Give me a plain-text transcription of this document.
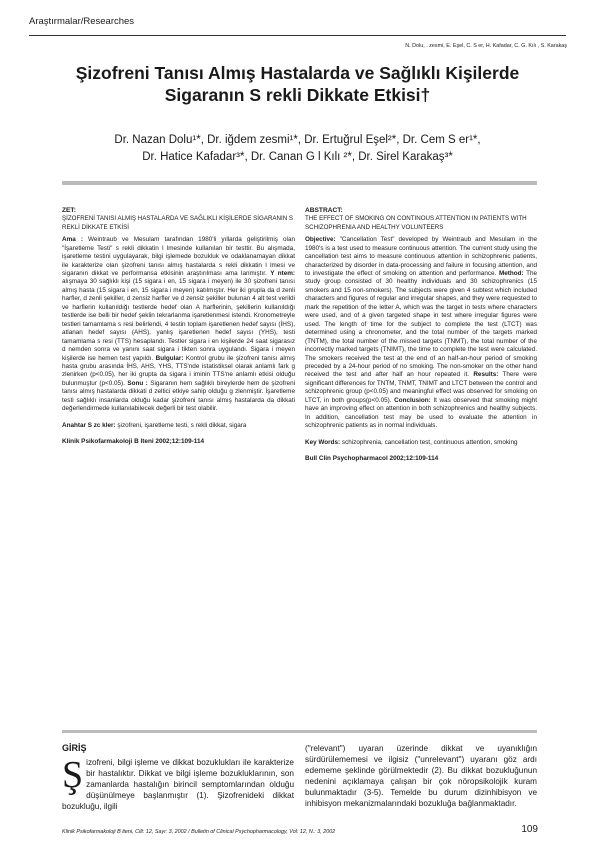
Araştırmalar/Researches
N. Dolu, . zesmi, E. Eşel, C. S er, H. Kafadar, C. G. Kılı , S. Karakaş
Şizofreni Tanısı Almış Hastalarda ve Sağlıklı Kişilerde
Sigaranın S rekli Dikkate Etkisi†
Dr. Nazan Dolu¹*, Dr. iğdem zesmi¹*, Dr. Ertuğrul Eşel²*, Dr. Cem S er¹*,
Dr. Hatice Kafadar³*, Dr. Canan G l Kılı ²*, Dr. Sirel Karakaş³*
ZET:
ŞİZOFRENİ TANISI ALMIŞ HASTALARDA VE SAĞLIKLI KİŞİLERDE SİGARANIN S REKLİ DİKKATE ETKİSİ
Ama : Weintraub ve Mesulam tarafından 1980'li yıllarda geliştirilmiş olan "İşaretleme Testi" s rekli dikkatin l lmesinde kullanılan bir testtir. Bu alışmada, işaretleme testini uygulayarak, bilgi işlemede bozukluk ve odaklanamayan dikkat ile karakterize olan şizofreni tanısı almış hastalarda s rekli dikkatin l lmesi ve sigaranın dikkat ve performansa etkisinin araştırılması ama lanmıştır. Y ntem: alışmaya 30 sağlıklı kişi (15 sigara i en, 15 sigara i meyen) ile 30 şizofreni tanısı almış hasta (15 sigara i en, 15 sigara i meyen) katılmıştır. Her iki grupla da d zenli harfler, d zenli şekiller, d zensiz harfler ve d zensiz şekiller bulunan 4 alt test verildi ve harflerin kullanıldığı testlerde hedef olan A harflerinin, şekillerin kullanıldığı testlerde ise belli bir hedef şeklin tekrarlanma işaretlenmesi istendi. Kronometreyle testleri tamamlama s resi belirlendi, 4 testin toplam işaretlenen hedef sayısı (İHS), atlanan hedef sayısı (AHS), yanlış işaretlenen hedef sayısı (YHS), testi tamamlama s resi (TTS) hesaplandı. Testler sigara i en kişilerde 24 saat sigarasız d nemden sonra ve yanını saat sigara i tikten sonra uygulandı. Sigara i meyen kişilerde ise hemen test yapıldı. Bulgular: Kontrol grubu ile şizofreni tanısı almış hasta grubu arasında İHS, AHS, YHS, TTS'nde istatistiksel olarak anlamlı fark g zlenirken (p<0.05), her iki grupta da sigara i iminin TTS'ne anlamlı etkisi olduğu bulunmuştur (p<0.05). Sonu : Sigaranın hem sağlıklı bireylerde hem de şizofreni tanısı almış hastalarda dikkati d zeltici etkiye sahip olduğu g zlenmiştir. İşaretleme testi sağlıklı insanlarda olduğu kadar şizofreni tanısı almış hastalarda da dikkati değerlendirmede kullanılabilecek değerli bir test olabilir.
Anahtar S zc kler: şizofreni, işaretleme testi, s rekli dikkat, sigara
Klinik Psikofarmakoloji B lteni 2002;12:109-114
ABSTRACT:
THE EFFECT OF SMOKING ON CONTINOUS ATTENTION IN PATIENTS WITH SCHIZOPHRENIA AND HEALTHY VOLUNTEERS
Objective: "Cancellation Test" developed by Weintraub and Mesulam in the 1980's is a test used to measure continuous attention. The current study using the cancellation test aims to measure continuous attention in schizophrenic patients, characterized by disorder in data-processing and failure in focusing attention, and to investigate the effect of smoking on attention and performance. Method: The study group consisted of 30 healthy individuals and 30 schizophrenics (15 smokers and 15 non-smokers). The subjects were given 4 subtest which included characters and figures of regular and irregular shapes, and they were requested to mark the repetition of the letter A, which was the target in tests where characters were used, and of a given targeted shape in test where irregular figures were used. The length of time for the subject to complete the test (LTCT) was determined using a chronometer, and the total number of the targets marked (TNTM), the total number of the missed targets (TNMT), the total number of the incorrectly marked targets (TNIMT), the time to complete the test were calculated. The smokers received the test at the end of an half-an-hour period of smoking preceded by a 24-hour period of no smoking. The non-smoker on the other hand received the test and after half an hour repeated it. Results: There were significant differences for TNTM, TNMT, TNIMT and LTCT between the control and schizophrenic group (p<0.05) and meaningful effect was observed for smoking on LTCT, in both groups(p<0.05). Conclusion: It was observed that smoking might have an improving effect on attention in both schizophrenics and healthy subjects. In addition, cancellation test may be used to evaluate the attention in schizophrenic patients as in normal individuals.
Key Words: schizophrenia, cancellation test, continuous attention, smoking
Bull Clin Psychopharmacol 2002;12:109-114
GİRİŞ
Şizofreni, bilgi işleme ve dikkat bozuklukları ile karakterize bir hastalıktır. Dikkat ve bilgi işleme bozukluklarının, son zamanlarda hastalığın birincil semptomlarından olduğu düşünülmeye başlanmıştır (1). Şizofrenideki dikkat bozukluğu, ilgili
("relevant") uyaran üzerinde dikkat ve uyanıklığın sürdürülememesi ve ilgisiz ("unrelevant") uyaranı göz ardı edememe şeklinde görülmektedir (2). Bu dikkat bozukluğunun nedenini açıklamaya çalışan bir çok nöropsikolojik kuram bulunmaktadır (3-5). Temelde bu durum dizinhibisyon ve inhibisyon mekanizmalarındaki bozukluğa bağlanmaktadır.
Klinik Psikofarmakoloji B lteni, Cilt: 12, Sayı: 3, 2002 / Bulletin of Clinical Psychopharmacology, Vol: 12, N.: 3, 2002	109
